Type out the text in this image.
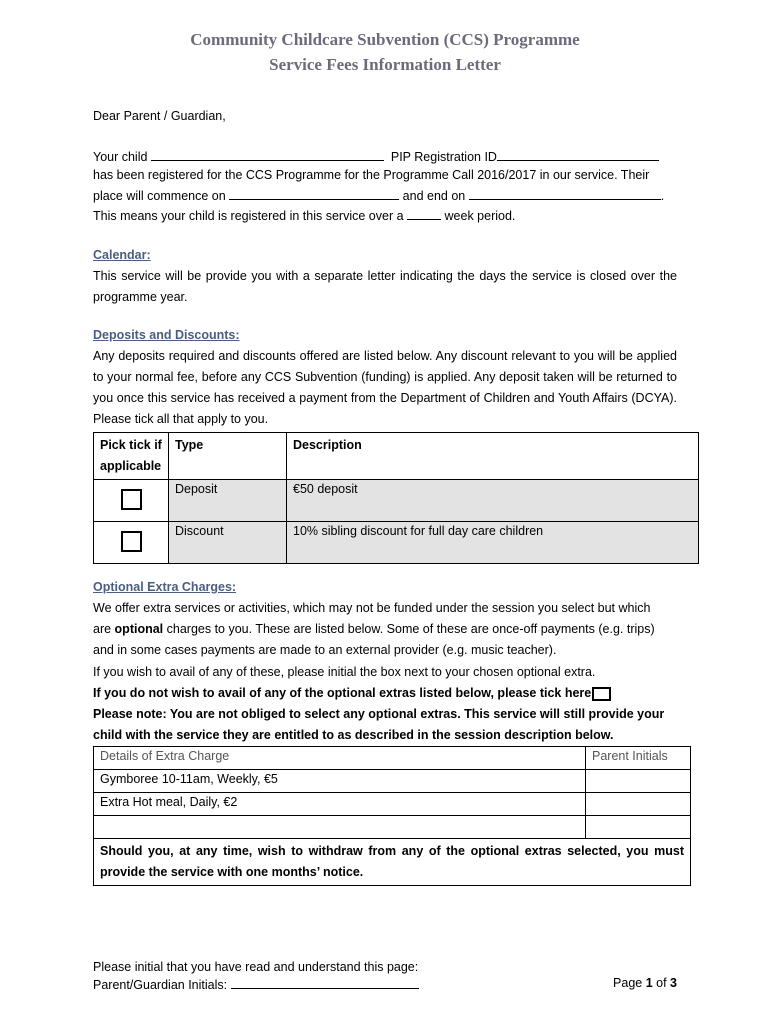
Community Childcare Subvention (CCS) Programme
Service Fees Information Letter
Dear Parent / Guardian,
Your child	PIP Registration ID
has been registered for the CCS Programme for the Programme Call 2016/2017 in our service. Their
place will commence on	and end on	.
This means your child is registered in this service over a	week period.
Calendar:
This service will be provide you with a separate letter indicating the days the service is closed over the programme year.
Deposits and Discounts:
Any deposits required and discounts offered are listed below. Any discount relevant to you will be applied to your normal fee, before any CCS Subvention (funding) is applied. Any deposit taken will be returned to you once this service has received a payment from the Department of Children and Youth Affairs (DCYA). Please tick all that apply to you.
Pick tick if applicable	Type	Description
	Deposit	€50 deposit
	Discount	10% sibling discount for full day care children
Optional Extra Charges:
We offer extra services or activities, which may not be funded under the session you select but which
are optional charges to you. These are listed below. Some of these are once-off payments (e.g. trips)
and in some cases payments are made to an external provider (e.g. music teacher).
If you wish to avail of any of these, please initial the box next to your chosen optional extra.
If you do not wish to avail of any of the optional extras listed below, please tick here
Please note: You are not obliged to select any optional extras. This service will still provide your
child with the service they are entitled to as described in the session description below.
Details of Extra Charge	Parent Initials
Gymboree 10-11am, Weekly, €5	
Extra Hot meal, Daily, €2	

Should you, at any time, wish to withdraw from any of the optional extras selected, you must provide the service with one months’ notice.	
Please initial that you have read and understand this page:
Parent/Guardian Initials:	Page 1 of 3
